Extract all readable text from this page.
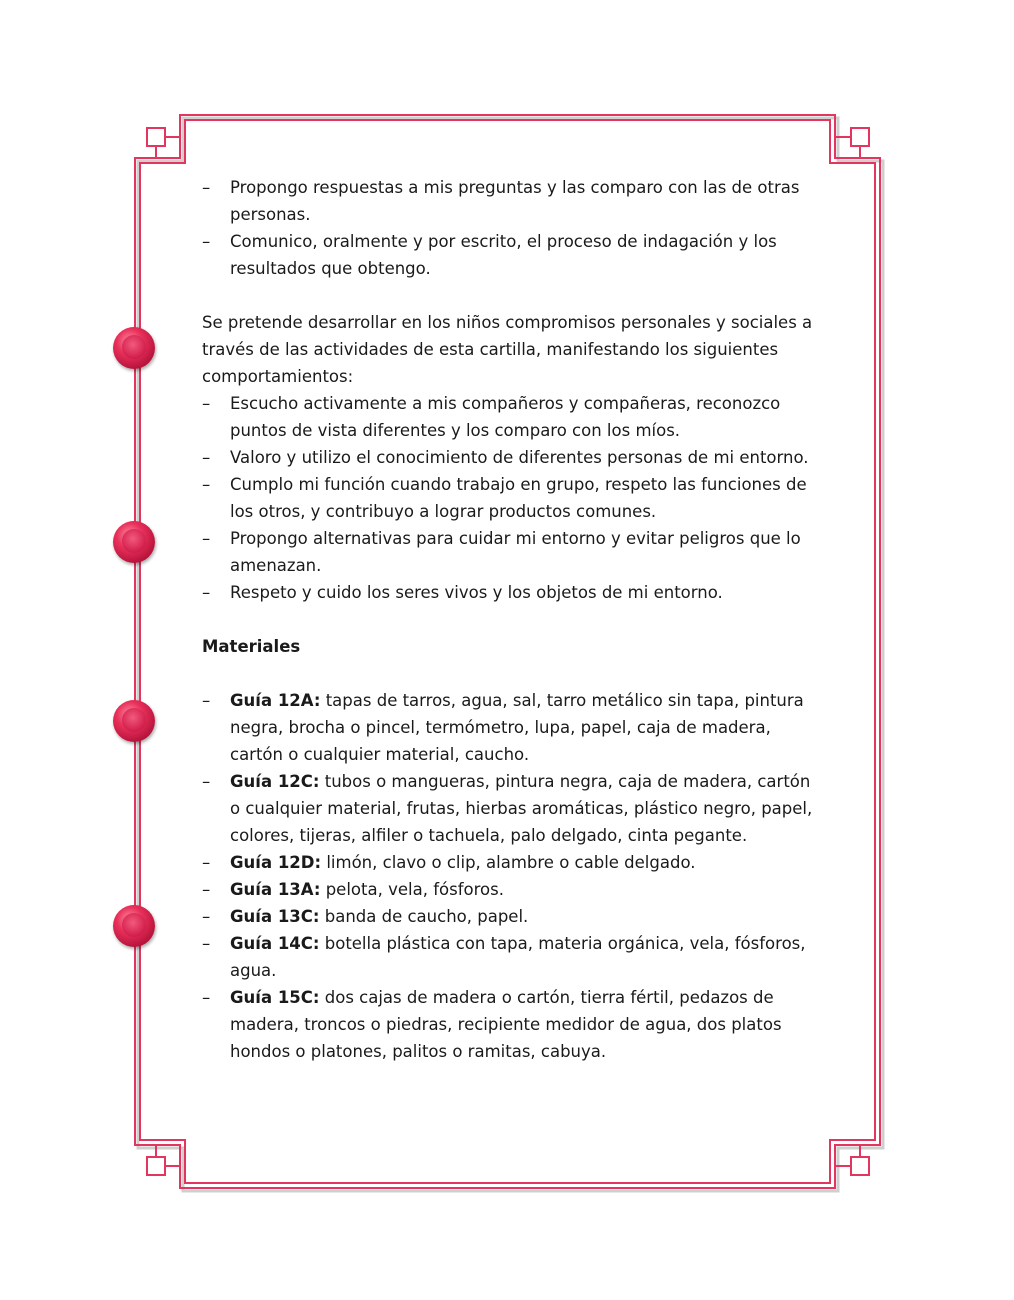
–	Propongo respuestas a mis preguntas y las comparo con las de otras personas.
–	Comunico, oralmente y por escrito, el proceso de indagación y los resultados que obtengo.

Se pretende desarrollar en los niños compromisos personales y sociales a través de las actividades de esta cartilla, manifestando los siguientes comportamientos:

–	Escucho activamente a mis compañeros y compañeras, reconozco puntos de vista diferentes y los comparo con los míos.
–	Valoro y utilizo el conocimiento de diferentes personas de mi entorno.
–	Cumplo mi función cuando trabajo en grupo, respeto las funciones de los otros, y contribuyo a lograr productos comunes.
–	Propongo alternativas para cuidar mi entorno y evitar peligros que lo amenazan.
–	Respeto y cuido los seres vivos y los objetos de mi entorno.

Materiales

–	Guía 12A: tapas de tarros, agua, sal, tarro metálico sin tapa, pintura negra, brocha o pincel, termómetro, lupa, papel, caja de madera, cartón o cualquier material, caucho.
–	Guía 12C: tubos o mangueras, pintura negra, caja de madera, cartón o cualquier material, frutas, hierbas aromáticas, plástico negro, papel, colores, tijeras, alfiler o tachuela, palo delgado, cinta pegante.
–	Guía 12D: limón, clavo o clip, alambre o cable delgado.
–	Guía 13A: pelota, vela, fósforos.
–	Guía 13C: banda de caucho, papel.
–	Guía 14C: botella plástica con tapa, materia orgánica, vela, fósforos, agua.
–	Guía 15C: dos cajas de madera o cartón, tierra fértil, pedazos de madera, troncos o piedras, recipiente medidor de agua, dos platos hondos o platones, palitos o ramitas, cabuya.
